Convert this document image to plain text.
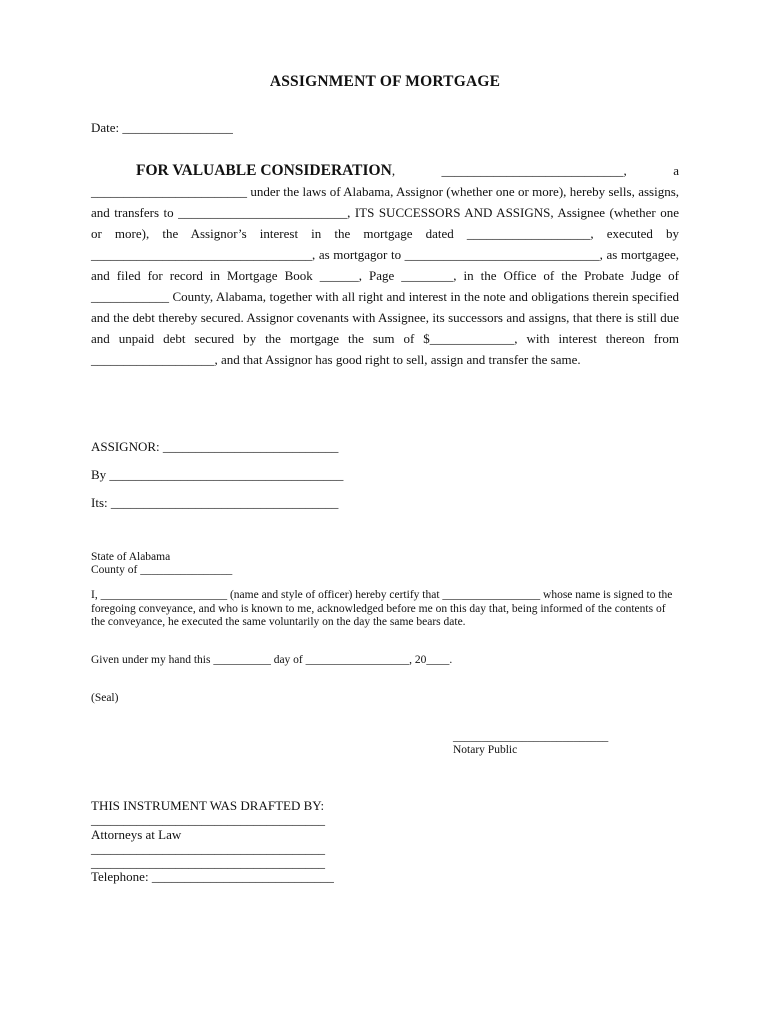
ASSIGNMENT OF MORTGAGE
Date: _________________
FOR VALUABLE CONSIDERATION, ____________________________,	a ________________________ under the laws of Alabama, Assignor (whether one or more), hereby sells, assigns, and transfers to __________________________, ITS SUCCESSORS AND ASSIGNS, Assignee (whether one or more), the Assignor’s interest in the mortgage dated ___________________, executed by __________________________________, as mortgagor to ______________________________, as mortgagee, and filed for record in Mortgage Book ______, Page ________, in the Office of the Probate Judge of ____________ County, Alabama, together with all right and interest in the note and obligations therein specified and the debt thereby secured. Assignor covenants with Assignee, its successors and assigns, that there is still due and unpaid debt secured by the mortgage the sum of $_____________, with interest thereon from ___________________, and that Assignor has good right to sell, assign and transfer the same.
ASSIGNOR: ___________________________
By ____________________________________
Its: ___________________________________
State of Alabama
County of ________________
I, ______________________ (name and style of officer) hereby certify that _________________ whose name is signed to the foregoing conveyance, and who is known to me, acknowledged before me on this day that, being informed of the contents of the conveyance, he executed the same voluntarily on the day the same bears date.
Given under my hand this __________ day of __________________, 20____.
(Seal)
___________________________
Notary Public
THIS INSTRUMENT WAS DRAFTED BY:
____________________________________
Attorneys at Law
____________________________________
____________________________________
Telephone: ____________________________
